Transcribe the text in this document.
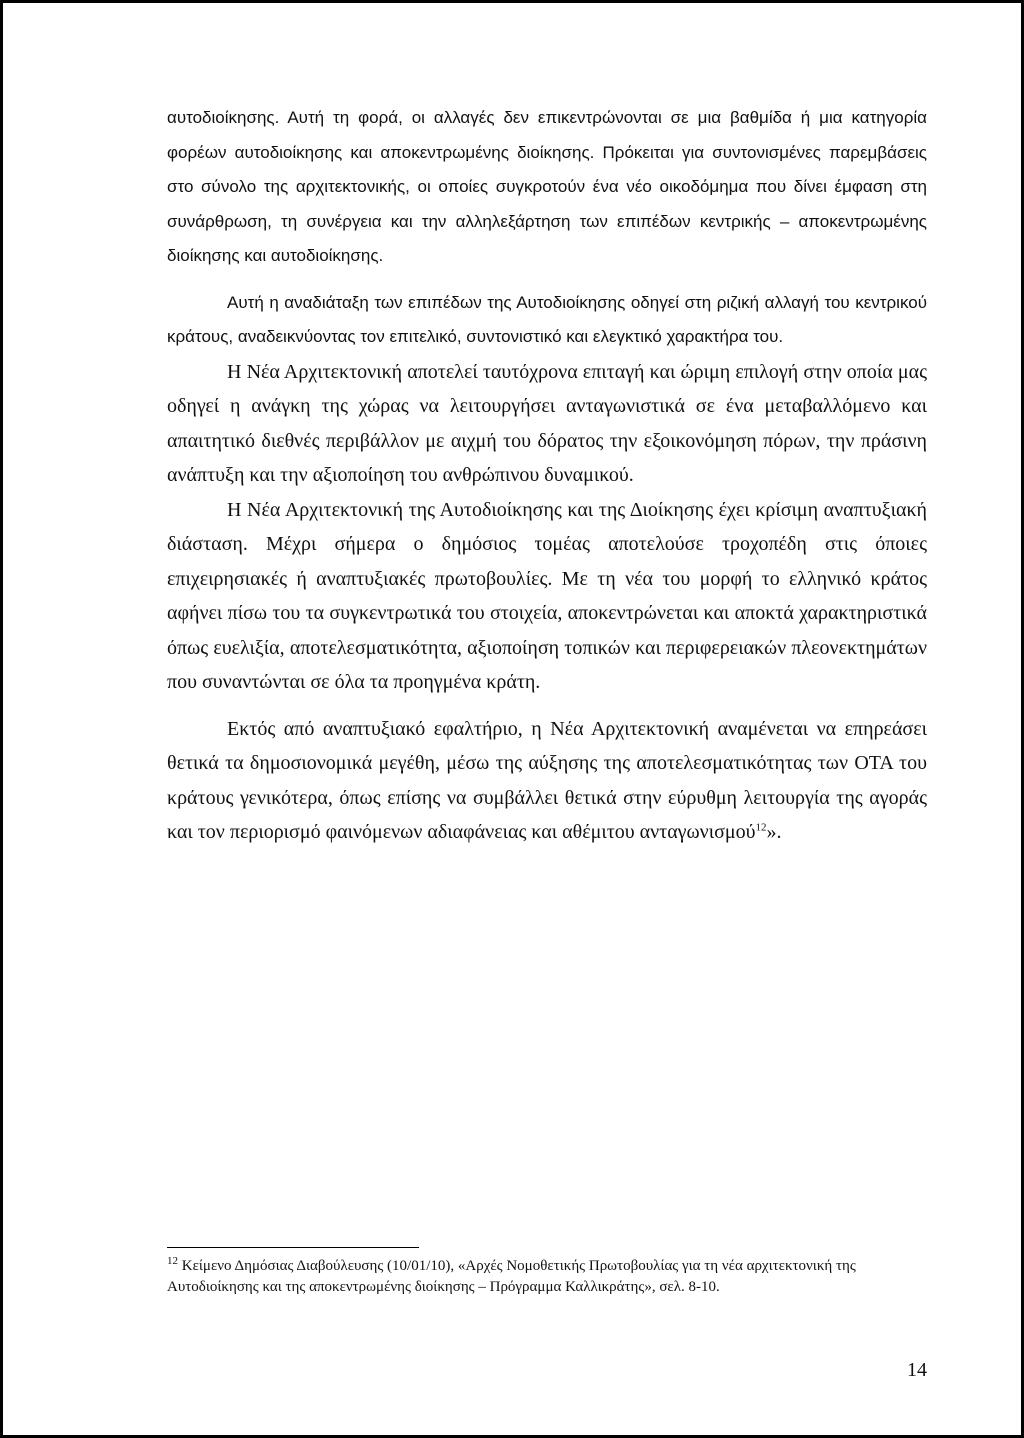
αυτοδιοίκησης. Αυτή τη φορά, οι αλλαγές δεν επικεντρώνονται σε μια βαθμίδα ή μια κατηγορία φορέων αυτοδιοίκησης και αποκεντρωμένης διοίκησης. Πρόκειται για συντονισμένες παρεμβάσεις στο σύνολο της αρχιτεκτονικής, οι οποίες συγκροτούν ένα νέο οικοδόμημα που δίνει έμφαση στη συνάρθρωση, τη συνέργεια και την αλληλεξάρτηση των επιπέδων κεντρικής – αποκεντρωμένης διοίκησης και αυτοδιοίκησης.

Αυτή η αναδιάταξη των επιπέδων της Αυτοδιοίκησης οδηγεί στη ριζική αλλαγή του κεντρικού κράτους, αναδεικνύοντας τον επιτελικό, συντονιστικό και ελεγκτικό χαρακτήρα του.

Η Νέα Αρχιτεκτονική αποτελεί ταυτόχρονα επιταγή και ώριμη επιλογή στην οποία μας οδηγεί η ανάγκη της χώρας να λειτουργήσει ανταγωνιστικά σε ένα μεταβαλλόμενο και απαιτητικό διεθνές περιβάλλον με αιχμή του δόρατος την εξοικονόμηση πόρων, την πράσινη ανάπτυξη και την αξιοποίηση του ανθρώπινου δυναμικού.

Η Νέα Αρχιτεκτονική της Αυτοδιοίκησης και της Διοίκησης έχει κρίσιμη αναπτυξιακή διάσταση. Μέχρι σήμερα ο δημόσιος τομέας αποτελούσε τροχοπέδη στις όποιες επιχειρησιακές ή αναπτυξιακές πρωτοβουλίες. Με τη νέα του μορφή το ελληνικό κράτος αφήνει πίσω του τα συγκεντρωτικά του στοιχεία, αποκεντρώνεται και αποκτά χαρακτηριστικά όπως ευελιξία, αποτελεσματικότητα, αξιοποίηση τοπικών και περιφερειακών πλεονεκτημάτων που συναντώνται σε όλα τα προηγμένα κράτη.

Εκτός από αναπτυξιακό εφαλτήριο, η Νέα Αρχιτεκτονική αναμένεται να επηρεάσει θετικά τα δημοσιονομικά μεγέθη, μέσω της αύξησης της αποτελεσματικότητας των ΟΤΑ του κράτους γενικότερα, όπως επίσης να συμβάλλει θετικά στην εύρυθμη λειτουργία της αγοράς και τον περιορισμό φαινόμενων αδιαφάνειας και αθέμιτου ανταγωνισμού$^{12}$».

$^{12}$ Κείμενο Δημόσιας Διαβούλευσης (10/01/10), «Αρχές Νομοθετικής Πρωτοβουλίας για τη νέα αρχιτεκτονική της Αυτοδιοίκησης και της αποκεντρωμένης διοίκησης – Πρόγραμμα Καλλικράτης», σελ. 8-10.
14
